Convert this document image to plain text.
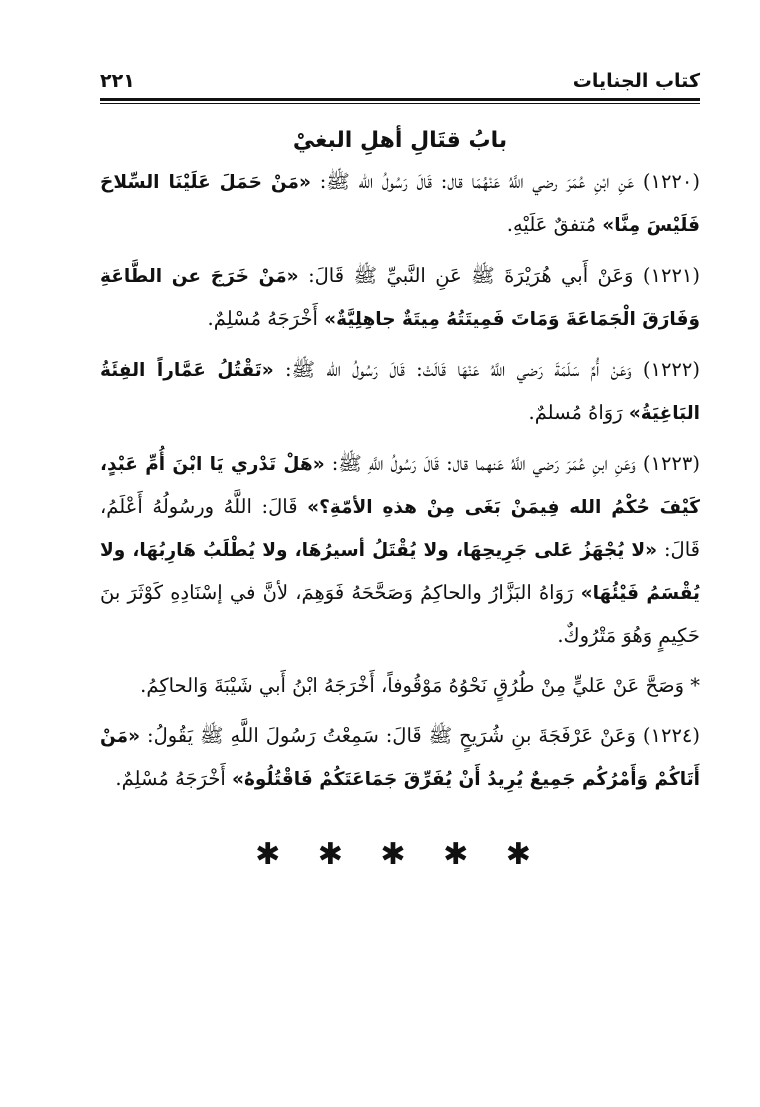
كتاب الجنايات
٢٢١
بابُ قتَالِ أهلِ البغيْ

(١٢٢٠) عَنِ ابْنِ عُمَرَ رضي اللَّهُ عَنْهُمَا قال: قَالَ رَسُولُ الله ﷺ: «مَنْ حَمَلَ عَلَيْنَا السِّلاحَ فَلَيْسَ مِنَّا» مُتفقٌ عَلَيْهِ.

(١٢٢١) وَعَنْ أَبي هُرَيْرَةَ ﷺ عَنِ النَّبيِّ ﷺ قَالَ: «مَنْ خَرَجَ عن الطَّاعَةِ وَفَارَقَ الْجَمَاعَةَ وَمَاتَ فَمِيتَتُهُ مِيتَةٌ جاهِلِيَّةٌ» أَخْرَجَهُ مُسْلِمٌ.

(١٢٢٢) وَعَنْ أُمِّ سَلَمَةَ رَضي اللَّهُ عَنْهَا قَالَتْ: قَالَ رَسُولُ الله ﷺ: «تَقْتُلُ عَمَّاراً الفِئَةُ البَاغِيَةُ» رَوَاهُ مُسلمٌ.

(١٢٢٣) وَعَنِ ابنِ عُمَرَ رَضي اللَّهُ عَنهما قال: قَالَ رَسُولُ اللَّهِ ﷺ: «هَلْ تَدْري يَا ابْنَ أُمِّ عَبْدٍ، كَيْفَ حُكْمُ الله فِيمَنْ بَغَى مِنْ هذهِ الأمّةِ؟» قَالَ: اللَّهُ ورسُولُهُ أَعْلَمُ، قَالَ: «لا يُجْهَزُ عَلى جَرِيحِهَا، ولا يُقْتَلُ أسيرُهَا، ولا يُطْلَبُ هَارِبُهَا، ولا يُقْسَمُ فَيْئُهَا» رَوَاهُ البَزَّارُ والحاكِمُ وَصَحَّحَهُ فَوَهِمَ، لأنَّ في إسْنَادِهِ كَوْثَرَ بنَ حَكِيمٍ وَهُوَ مَتْرُوكٌ.

* وَصَحَّ عَنْ عَليٍّ مِنْ طُرُقٍ نَحْوُهُ مَوْقُوفاً، أَخْرَجَهُ ابْنُ أَبي شَيْبَةَ وَالحاكِمُ.

(١٢٢٤) وَعَنْ عَرْفَجَةَ بنِ شُرَيحٍ ﷺ قَالَ: سَمِعْتُ رَسُولَ اللَّهِ ﷺ يَقُولُ: «مَنْ أَتَاكُمْ وَأَمْرُكُم جَمِيعٌ يُرِيدُ أَنْ يُفَرِّقَ جَمَاعَتَكُمْ فَاقْتُلُوهُ» أَخْرَجَهُ مُسْلِمٌ.

✱ ✱ ✱ ✱ ✱
